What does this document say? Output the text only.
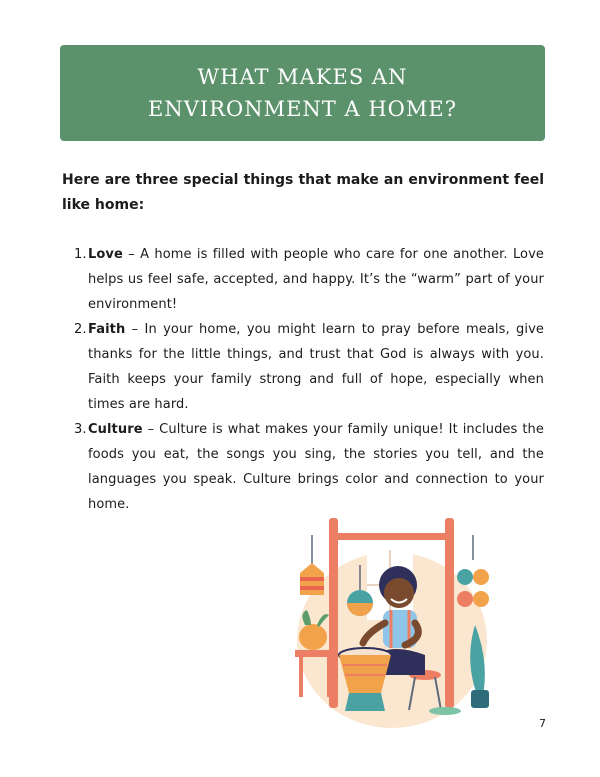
WHAT MAKES AN
ENVIRONMENT A HOME?
Here are three special things that make an environment feel like home:
1. Love – A home is filled with people who care for one another. Love helps us feel safe, accepted, and happy. It’s the “warm” part of your environment!
2. Faith – In your home, you might learn to pray before meals, give thanks for the little things, and trust that God is always with you. Faith keeps your family strong and full of hope, especially when times are hard.
3. Culture – Culture is what makes your family unique! It includes the foods you eat, the songs you sing, the stories you tell, and the languages you speak. Culture brings color and connection to your home.
7
